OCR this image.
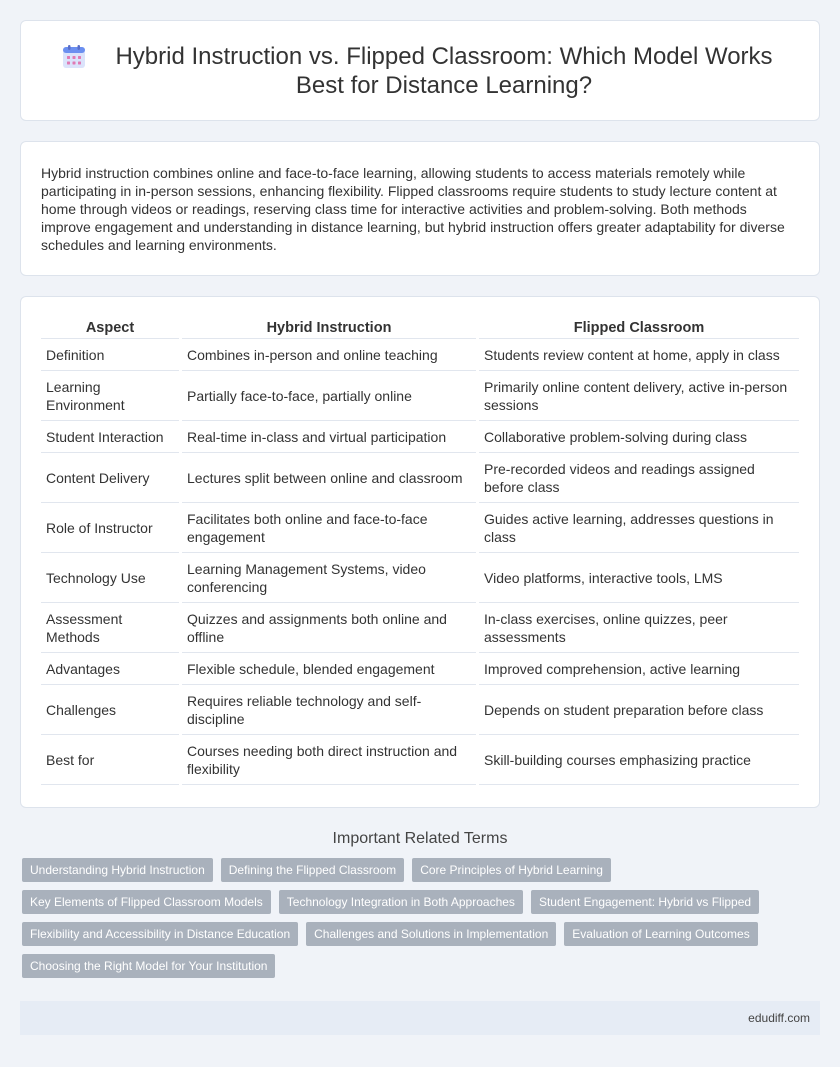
Hybrid Instruction vs. Flipped Classroom: Which Model Works Best for Distance Learning?

Hybrid instruction combines online and face-to-face learning, allowing students to access materials remotely while participating in in-person sessions, enhancing flexibility. Flipped classrooms require students to study lecture content at home through videos or readings, reserving class time for interactive activities and problem-solving. Both methods improve engagement and understanding in distance learning, but hybrid instruction offers greater adaptability for diverse schedules and learning environments.

Aspect	Hybrid Instruction	Flipped Classroom
Definition	Combines in-person and online teaching	Students review content at home, apply in class
Learning Environment	Partially face-to-face, partially online	Primarily online content delivery, active in-person sessions
Student Interaction	Real-time in-class and virtual participation	Collaborative problem-solving during class
Content Delivery	Lectures split between online and classroom	Pre-recorded videos and readings assigned before class
Role of Instructor	Facilitates both online and face-to-face engagement	Guides active learning, addresses questions in class
Technology Use	Learning Management Systems, video conferencing	Video platforms, interactive tools, LMS
Assessment Methods	Quizzes and assignments both online and offline	In-class exercises, online quizzes, peer assessments
Advantages	Flexible schedule, blended engagement	Improved comprehension, active learning
Challenges	Requires reliable technology and self-discipline	Depends on student preparation before class
Best for	Courses needing both direct instruction and flexibility	Skill-building courses emphasizing practice
Important Related Terms
Understanding Hybrid Instruction	Defining the Flipped Classroom	Core Principles of Hybrid Learning
Key Elements of Flipped Classroom Models	Technology Integration in Both Approaches	Student Engagement: Hybrid vs Flipped
Flexibility and Accessibility in Distance Education	Challenges and Solutions in Implementation	Evaluation of Learning Outcomes
Choosing the Right Model for Your Institution
edudiff.com
